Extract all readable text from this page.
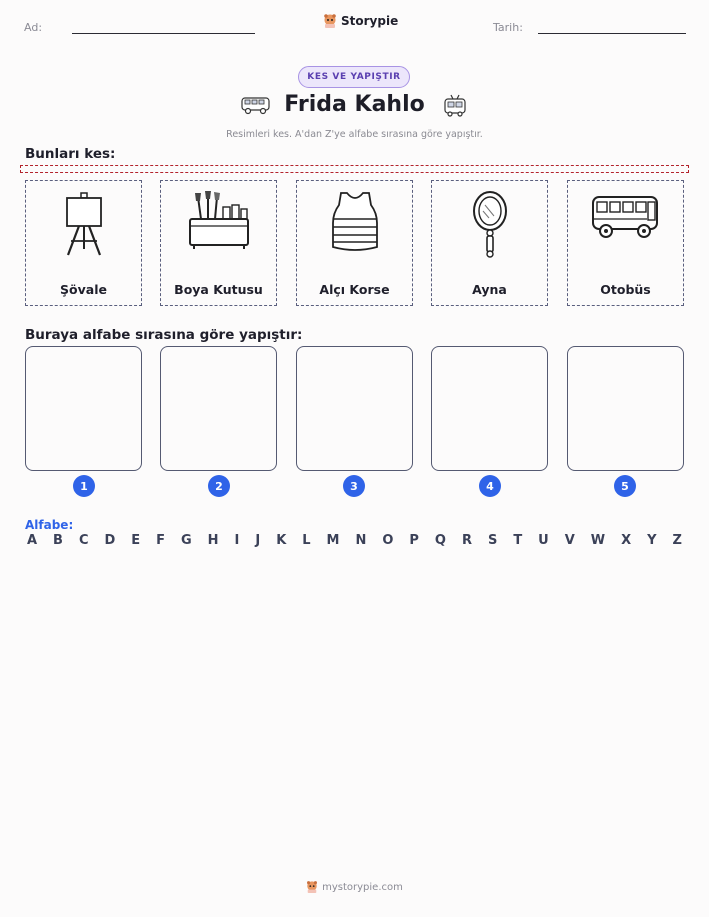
Ad:	Storypie	Tarih:
KES VE YAPIŞTIR
Frida Kahlo
Resimleri kes. A'dan Z'ye alfabe sırasına göre yapıştır.
Bunları kes:
Şövale	Boya Kutusu	Alçı Korse	Ayna	Otobüs
Buraya alfabe sırasına göre yapıştır:
1	2	3	4	5
Alfabe:
A B C D E F G H I J K L M N O P Q R S T U V W X Y Z
mystorypie.com
